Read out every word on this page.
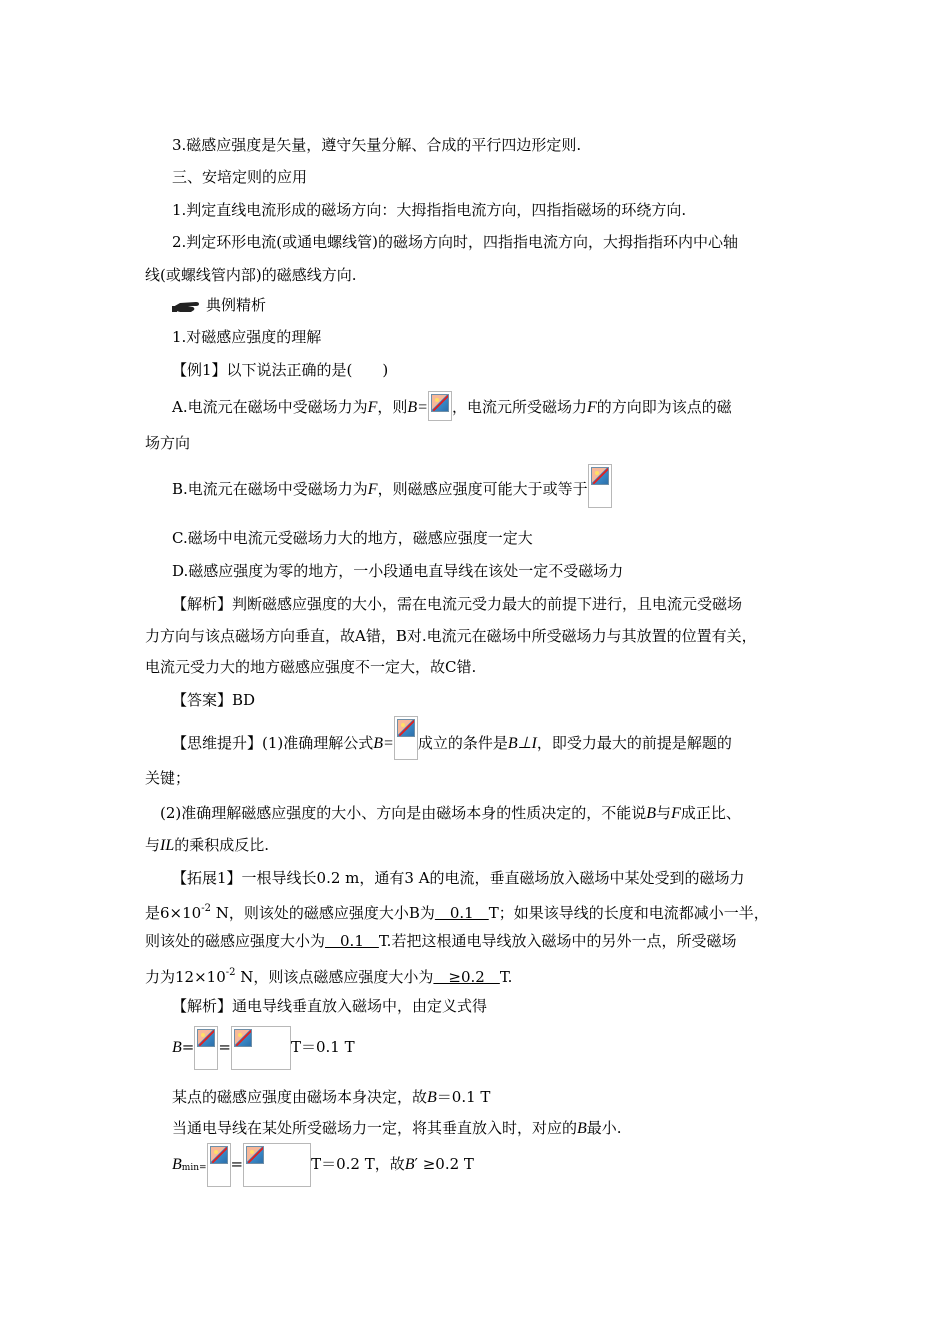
3.磁感应强度是矢量，遵守矢量分解、合成的平行四边形定则.
三、安培定则的应用
1.判定直线电流形成的磁场方向：大拇指指电流方向，四指指磁场的环绕方向.
2.判定环形电流(或通电螺线管)的磁场方向时，四指指电流方向，大拇指指环内中心轴
线(或螺线管内部)的磁感线方向.
典例精析
1.对磁感应强度的理解
【例1】以下说法正确的是(　　)
A.电流元在磁场中受磁场力为F，则B= ，电流元所受磁场力F的方向即为该点的磁
场方向
B.电流元在磁场中受磁场力为F，则磁感应强度可能大于或等于
C.磁场中电流元受磁场力大的地方，磁感应强度一定大
D.磁感应强度为零的地方，一小段通电直导线在该处一定不受磁场力
【解析】判断磁感应强度的大小，需在电流元受力最大的前提下进行，且电流元受磁场
力方向与该点磁场方向垂直，故A错，B对.电流元在磁场中所受磁场力与其放置的位置有关，
电流元受力大的地方磁感应强度不一定大，故C错.
【答案】BD
【思维提升】(1)准确理解公式B= 成立的条件是B⊥I，即受力最大的前提是解题的
关键；
(2)准确理解磁感应强度的大小、方向是由磁场本身的性质决定的，不能说B与F成正比、
与IL的乘积成反比.
【拓展1】一根导线长0.2 m，通有3 A的电流，垂直磁场放入磁场中某处受到的磁场力
是$6\times 10^{-2}$ N，则该处的磁感应强度大小B为　0.1　T；如果该导线的长度和电流都减小一半，
则该处的磁感应强度大小为　0.1　T.若把这根通电导线放入磁场中的另外一点，所受磁场
力为$12\times 10^{-2}$ N，则该点磁感应强度大小为　≥0.2　T.
【解析】通电导线垂直放入磁场中，由定义式得
B= =	T＝0.1 T
某点的磁感应强度由磁场本身决定，故B＝0.1 T
当通电导线在某处所受磁场力一定，将其垂直放入时，对应的B最小.
$B_{min=}$ =	T＝0.2 T，故B′ ≥0.2 T
